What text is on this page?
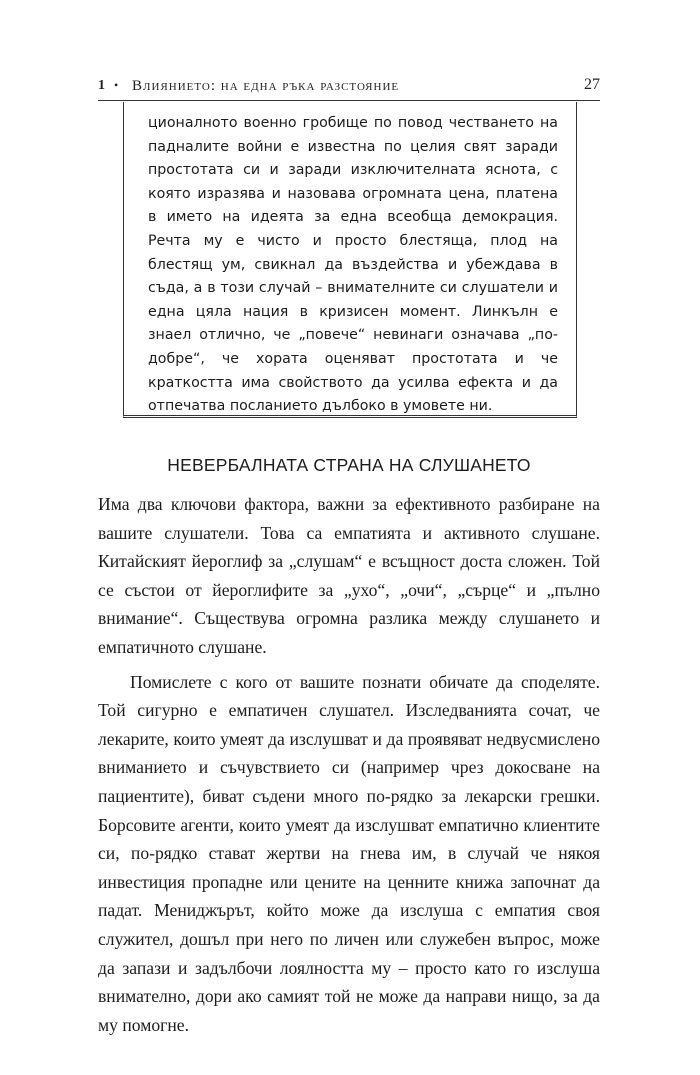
1 • Влиянието: на една ръка разстояние	27
ционалното военно гробище по повод честването на падналите войни е известна по целия свят заради простотата си и заради изключителната яснота, с която изразява и назовава огромната цена, платена в името на идеята за една всеобща демокрация. Речта му е чисто и просто блестяща, плод на блестящ ум, свикнал да въздейства и убеждава в съда, а в този случай – внимателните си слушатели и една цяла нация в кризисен момент. Линкълн е знаел отлично, че „повече“ невинаги означава „по-добре“, че хората оценяват простотата и че краткостта има свойството да усилва ефекта и да отпечатва посланието дълбоко в умовете ни.
НЕВЕРБАЛНАТА СТРАНА НА СЛУШАНЕТО

Има два ключови фактора, важни за ефективното разбиране на вашите слушатели. Това са емпатията и активното слушане. Китайският йероглиф за „слушам“ е всъщност доста сложен. Той се състои от йероглифите за „ухо“, „очи“, „сърце“ и „пълно внимание“. Съществува огромна разлика между слушането и емпатичното слушане.

Помислете с кого от вашите познати обичате да споделяте. Той сигурно е емпатичен слушател. Изследванията сочат, че лекарите, които умеят да изслушват и да проявяват недвусмислено вниманието и съчувствието си (например чрез докосване на пациентите), биват съдени много по-рядко за лекарски грешки. Борсовите агенти, които умеят да изслушват емпатично клиентите си, по-рядко стават жертви на гнева им, в случай че някоя инвестиция пропадне или цените на ценните книжа започнат да падат. Мениджърът, който може да изслуша с емпатия своя служител, дошъл при него по личен или служебен въпрос, може да запази и задълбочи лоялността му – просто като го изслуша внимателно, дори ако самият той не може да направи нищо, за да му помогне.
